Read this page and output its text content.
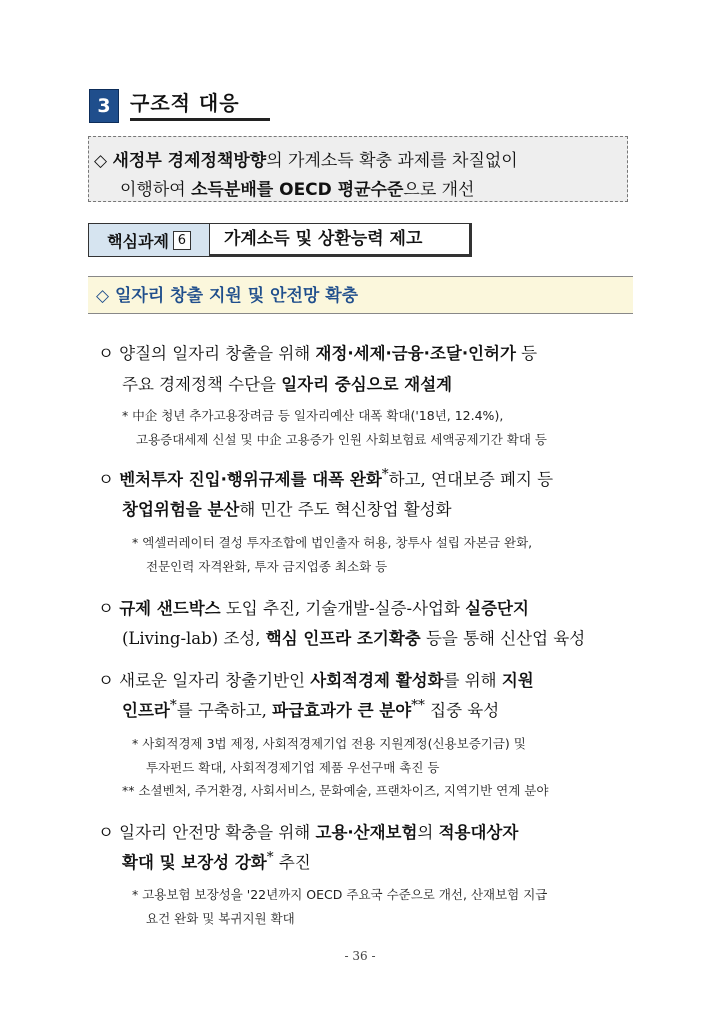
3 구조적 대응
◇ 새정부 경제정책방향의 가계소득 확충 과제를 차질없이
이행하여 소득분배를 OECD 평균수준으로 개선
핵심과제 6	가계소득 및 상환능력 제고
◇ 일자리 창출 지원 및 안전망 확충
ㅇ 양질의 일자리 창출을 위해 재정·세제·금융·조달·인허가 등
주요 경제정책 수단을 일자리 중심으로 재설계
* 中企 청년 추가고용장려금 등 일자리예산 대폭 확대('18년, 12.4%),
고용증대세제 신설 및 中企 고용증가 인원 사회보험료 세액공제기간 확대 등
ㅇ 벤처투자 진입·행위규제를 대폭 완화*하고, 연대보증 폐지 등
창업위험을 분산해 민간 주도 혁신창업 활성화
* 엑셀러레이터 결성 투자조합에 법인출자 허용, 창투사 설립 자본금 완화,
전문인력 자격완화, 투자 금지업종 최소화 등
ㅇ 규제 샌드박스 도입 추진, 기술개발-실증-사업화 실증단지
(Living-lab) 조성, 핵심 인프라 조기확충 등을 통해 신산업 육성
ㅇ 새로운 일자리 창출기반인 사회적경제 활성화를 위해 지원
인프라*를 구축하고, 파급효과가 큰 분야** 집중 육성
* 사회적경제 3법 제정, 사회적경제기업 전용 지원계정(신용보증기금) 및
투자펀드 확대, 사회적경제기업 제품 우선구매 촉진 등
** 소셜벤처, 주거환경, 사회서비스, 문화예술, 프랜차이즈, 지역기반 연계 분야
ㅇ 일자리 안전망 확충을 위해 고용·산재보험의 적용대상자
확대 및 보장성 강화* 추진
* 고용보험 보장성을 '22년까지 OECD 주요국 수준으로 개선, 산재보험 지급
요건 완화 및 복귀지원 확대
- 36 -
